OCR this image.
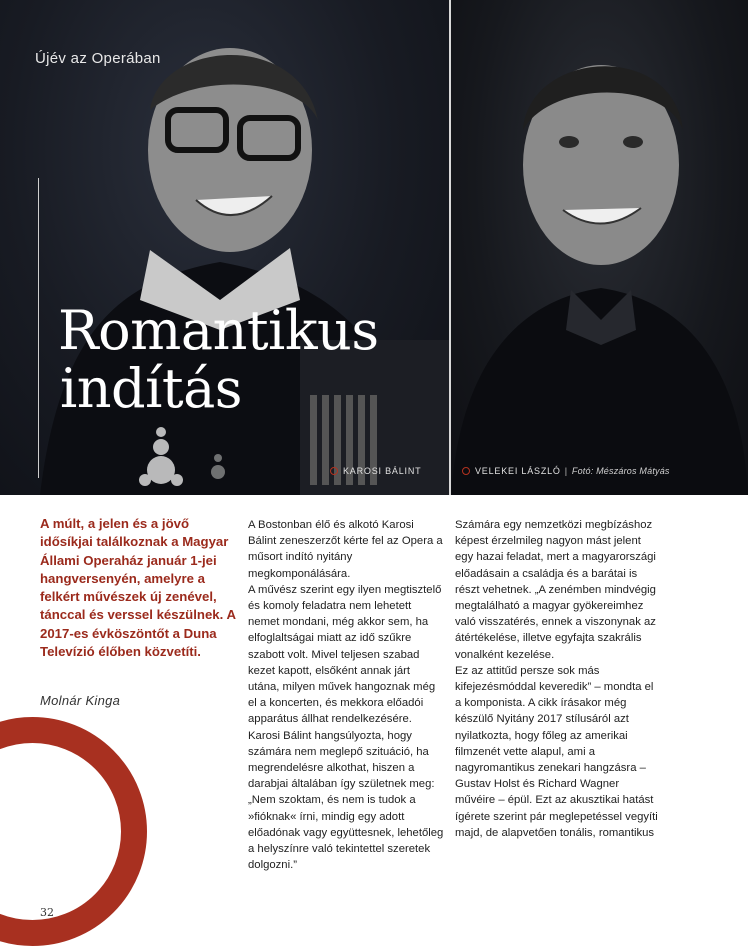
Újév az Operában
Romantikus
indítás
KAROSI BÁLINT	VELEKEI LÁSZLÓ | Fotó: Mészáros Mátyás
A múlt, a jelen és a jövő idősíkjai találkoznak a Magyar Állami Operaház január 1-jei hangversenyén, amelyre a felkért művészek új zenével, tánccal és verssel készülnek. A 2017-es évköszöntőt a Duna Televízió élőben közvetíti.
Molnár Kinga

A Bostonban élő és alkotó Karosi Bálint zeneszerzőt kérte fel az Opera a műsort indító nyitány megkomponálására.

A művész szerint egy ilyen megtisztelő és komoly feladatra nem lehetett nemet mondani, még akkor sem, ha elfoglaltságai miatt az idő szűkre szabott volt. Mivel teljesen szabad kezet kapott, elsőként annak járt utána, milyen művek hangoznak még el a koncerten, és mekkora előadói apparátus állhat rendelkezésére. Karosi Bálint hangsúlyozta, hogy számára nem meglepő szituáció, ha megrendelésre alkothat, hiszen a darabjai általában így születnek meg: „Nem szoktam, és nem is tudok a »fióknak« írni, mindig egy adott előadónak vagy együttesnek, lehetőleg a helyszínre való tekintettel szeretek dolgozni.”

Számára egy nemzetközi megbízáshoz képest érzelmileg nagyon mást jelent egy hazai feladat, mert a magyarországi előadásain a családja és a barátai is részt vehetnek. „A zenémben mindvégig megtalálható a magyar gyökereimhez való visszatérés, ennek a viszonynak az átértékelése, illetve egyfajta szakrális vonalként kezelése.

Ez az attitűd persze sok más kifejezésmóddal keveredik” – mondta el a komponista. A cikk írásakor még készülő Nyitány 2017 stílusáról azt nyilatkozta, hogy főleg az amerikai filmzenét vette alapul, ami a nagyromantikus zenekari hangzásra – Gustav Holst és Richard Wagner művéire – épül. Ezt az akusztikai hatást ígérete szerint pár meglepetéssel vegyíti majd, de alapvetően tonális, romantikus

32
